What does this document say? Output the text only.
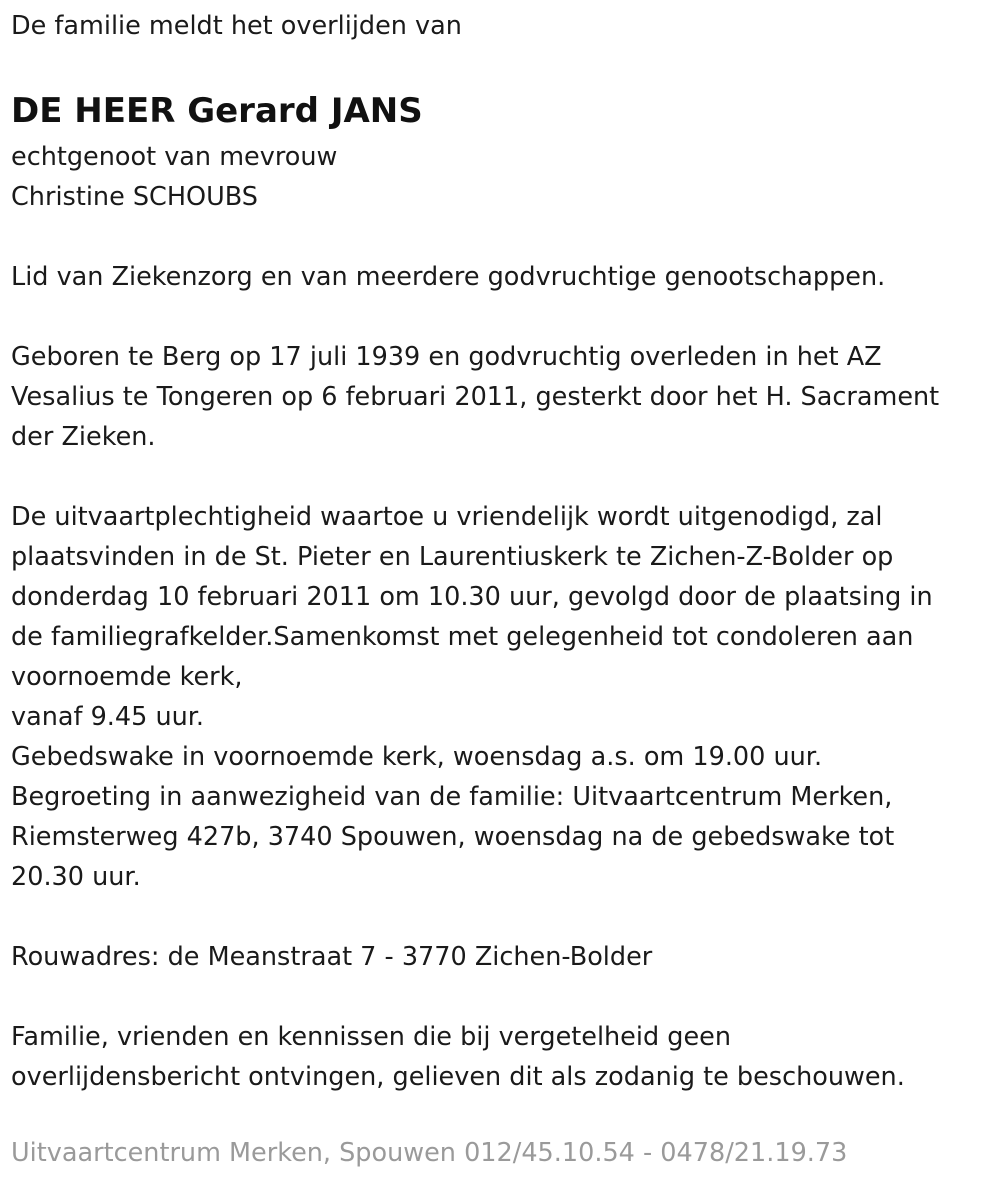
De familie meldt het overlijden van

DE HEER Gerard JANS

echtgenoot van mevrouw

Christine SCHOUBS

Lid van Ziekenzorg en van meerdere godvruchtige genootschappen.

Geboren te Berg op 17 juli 1939 en godvruchtig overleden in het AZ

Vesalius te Tongeren op 6 februari 2011, gesterkt door het H. Sacrament

der Zieken.

De uitvaartplechtigheid waartoe u vriendelijk wordt uitgenodigd, zal

plaatsvinden in de St. Pieter en Laurentiuskerk te Zichen-Z-Bolder op

donderdag 10 februari 2011 om 10.30 uur, gevolgd door de plaatsing in

de familiegrafkelder.Samenkomst met gelegenheid tot condoleren aan

voornoemde kerk,

vanaf 9.45 uur.

Gebedswake in voornoemde kerk, woensdag a.s. om 19.00 uur.

Begroeting in aanwezigheid van de familie: Uitvaartcentrum Merken,

Riemsterweg 427b, 3740 Spouwen, woensdag na de gebedswake tot

20.30 uur.

Rouwadres: de Meanstraat 7 - 3770 Zichen-Bolder

Familie, vrienden en kennissen die bij vergetelheid geen

overlijdensbericht ontvingen, gelieven dit als zodanig te beschouwen.

Uitvaartcentrum Merken, Spouwen 012/45.10.54 - 0478/21.19.73
